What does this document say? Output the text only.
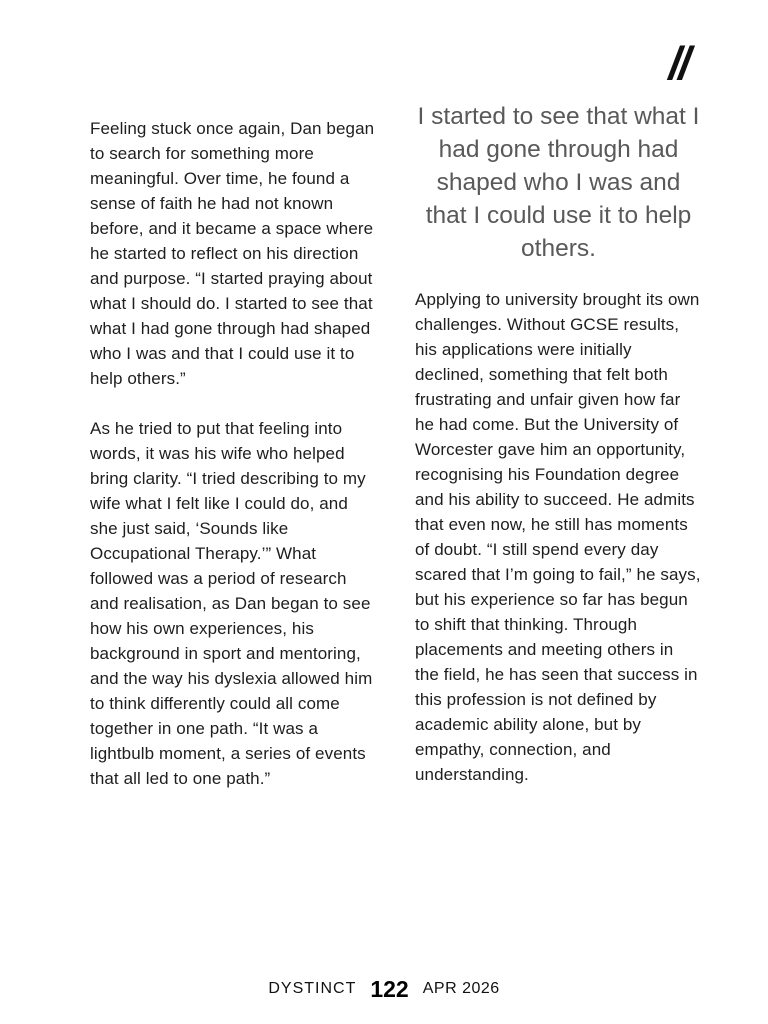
Feeling stuck once again, Dan began to search for something more meaningful. Over time, he found a sense of faith he had not known before, and it became a space where he started to reflect on his direction and purpose. “I started praying about what I should do. I started to see that what I had gone through had shaped who I was and that I could use it to help others.”

As he tried to put that feeling into words, it was his wife who helped bring clarity. “I tried describing to my wife what I felt like I could do, and she just said, ‘Sounds like Occupational Therapy.’” What followed was a period of research and realisation, as Dan began to see how his own experiences, his background in sport and mentoring, and the way his dyslexia allowed him to think differently could all come together in one path. “It was a lightbulb moment, a series of events that all led to one path.”

//
I started to see that what I had gone through had shaped who I was and that I could use it to help others.

Applying to university brought its own challenges. Without GCSE results, his applications were initially declined, something that felt both frustrating and unfair given how far he had come. But the University of Worcester gave him an opportunity, recognising his Foundation degree and his ability to succeed. He admits that even now, he still has moments of doubt. “I still spend every day scared that I’m going to fail,” he says, but his experience so far has begun to shift that thinking. Through placements and meeting others in the field, he has seen that success in this profession is not defined by academic ability alone, but by empathy, connection, and understanding.

DYSTINCT 122 APR 2026
